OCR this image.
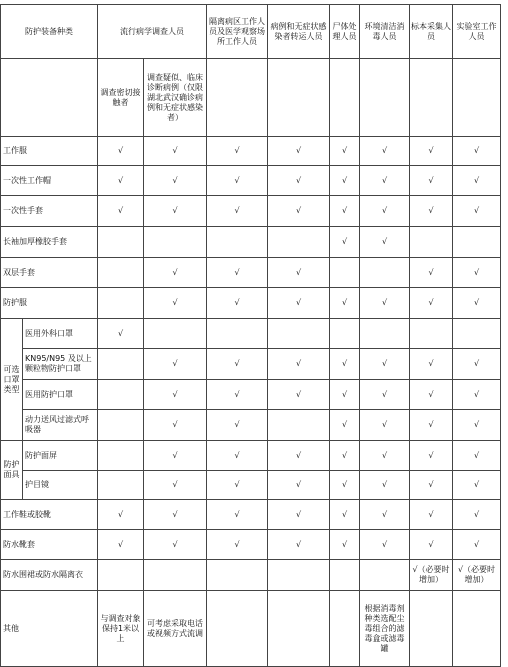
防护装备种类		流行病学调查人员		隔离病区工作人员及医学观察场所工作人员	病例和无症状感染者转运人员	尸体处理人员	环境清洁消毒人员	标本采集人员	实验室工作人员
		调查密切接触者	调查疑似、临床诊断病例（仅限湖北武汉确诊病例和无症状感染者）						
工作服		√	√	√	√	√	√	√	√
一次性工作帽		√	√	√	√	√	√	√	√
一次性手套		√	√	√	√	√	√	√	√
长袖加厚橡胶手套						√	√		
双层手套			√	√	√			√	√
防护服			√	√	√	√	√	√	√
可选口罩类型	医用外科口罩	√							
	KN95/N95 及以上颗粒物防护口罩		√	√	√	√	√	√	√
	医用防护口罩		√	√	√	√	√	√	√
	动力送风过滤式呼吸器		√	√		√	√	√	√
防护面具	防护面屏		√	√	√	√	√	√	√
	护目镜		√	√	√	√	√	√	√
工作鞋或胶靴		√	√	√	√	√	√	√	√
防水靴套		√	√	√	√	√	√	√	√
防水围裙或防水隔离衣								√（必要时增加）	√（必要时增加）
其他		与调查对象保持1米以上	可考虑采取电话或视频方式流调				根据消毒剂种类选配尘毒组合的滤毒盒或滤毒罐		
